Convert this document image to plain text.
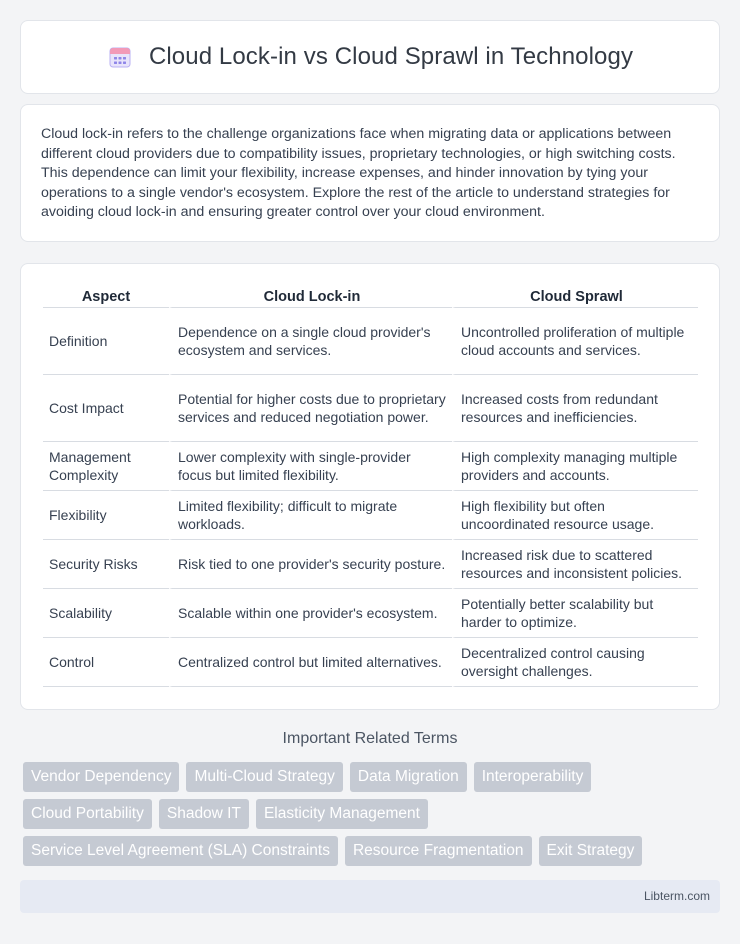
Cloud Lock-in vs Cloud Sprawl in Technology

Cloud lock-in refers to the challenge organizations face when migrating data or applications between different cloud providers due to compatibility issues, proprietary technologies, or high switching costs. This dependence can limit your flexibility, increase expenses, and hinder innovation by tying your operations to a single vendor's ecosystem. Explore the rest of the article to understand strategies for avoiding cloud lock-in and ensuring greater control over your cloud environment.

Aspect	Cloud Lock-in	Cloud Sprawl
Definition	Dependence on a single cloud provider's ecosystem and services.	Uncontrolled proliferation of multiple cloud accounts and services.
Cost Impact	Potential for higher costs due to proprietary services and reduced negotiation power.	Increased costs from redundant resources and inefficiencies.
Management Complexity	Lower complexity with single-provider focus but limited flexibility.	High complexity managing multiple providers and accounts.
Flexibility	Limited flexibility; difficult to migrate workloads.	High flexibility but often uncoordinated resource usage.
Security Risks	Risk tied to one provider's security posture.	Increased risk due to scattered resources and inconsistent policies.
Scalability	Scalable within one provider's ecosystem.	Potentially better scalability but harder to optimize.
Control	Centralized control but limited alternatives.	Decentralized control causing oversight challenges.
Important Related Terms
Vendor Dependency	Multi-Cloud Strategy	Data Migration	Interoperability
Cloud Portability	Shadow IT	Elasticity Management
Service Level Agreement (SLA) Constraints	Resource Fragmentation	Exit Strategy
Libterm.com
